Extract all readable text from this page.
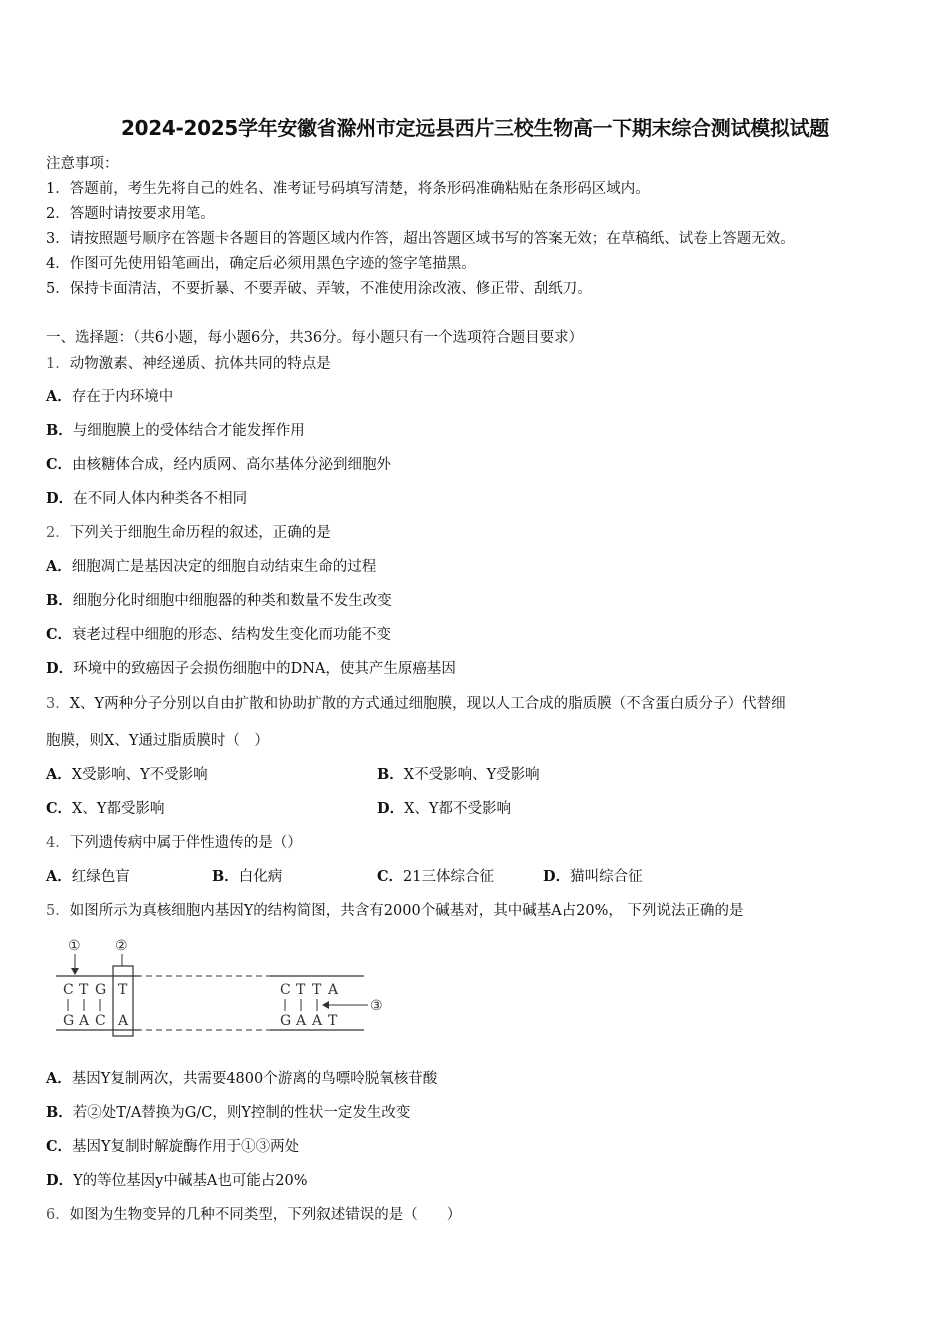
2024-2025学年安徽省滁州市定远县西片三校生物高一下期末综合测试模拟试题
注意事项：
1．答题前，考生先将自己的姓名、准考证号码填写清楚，将条形码准确粘贴在条形码区域内。
2．答题时请按要求用笔。
3．请按照题号顺序在答题卡各题目的答题区域内作答，超出答题区域书写的答案无效；在草稿纸、试卷上答题无效。
4．作图可先使用铅笔画出，确定后必须用黑色字迹的签字笔描黑。
5．保持卡面清洁，不要折暴、不要弄破、弄皱，不准使用涂改液、修正带、刮纸刀。
一、选择题：（共6小题，每小题6分，共36分。每小题只有一个选项符合题目要求）
1．动物激素、神经递质、抗体共同的特点是
A．存在于内环境中
B．与细胞膜上的受体结合才能发挥作用
C．由核糖体合成，经内质网、高尔基体分泌到细胞外
D．在不同人体内种类各不相同
2．下列关于细胞生命历程的叙述，正确的是
A．细胞凋亡是基因决定的细胞自动结束生命的过程
B．细胞分化时细胞中细胞器的种类和数量不发生改变
C．衰老过程中细胞的形态、结构发生变化而功能不变
D．环境中的致癌因子会损伤细胞中的DNA，使其产生原癌基因
3．X、Y两种分子分别以自由扩散和协助扩散的方式通过细胞膜，现以人工合成的脂质膜（不含蛋白质分子）代替细
胞膜，则X、Y通过脂质膜时（　）
A．X受影响、Y不受影响	B．X不受影响、Y受影响
C．X、Y都受影响	D．X、Y都不受影响
4．下列遗传病中属于伴性遗传的是（）
A．红绿色盲	B．白化病	C．21三体综合征	D．猫叫综合征
5．如图所示为真核细胞内基因Y的结构简图，共含有2000个碱基对，其中碱基A占20%， 下列说法正确的是
① ②
C T G T
G A C A
C T T A
G A A T
③
A．基因Y复制两次，共需要4800个游离的鸟嘌呤脱氧核苷酸
B．若②处T/A替换为G/C，则Y控制的性状一定发生改变
C．基因Y复制时解旋酶作用于①③两处
D．Y的等位基因y中碱基A也可能占20%
6．如图为生物变异的几种不同类型，下列叙述错误的是（　　）
